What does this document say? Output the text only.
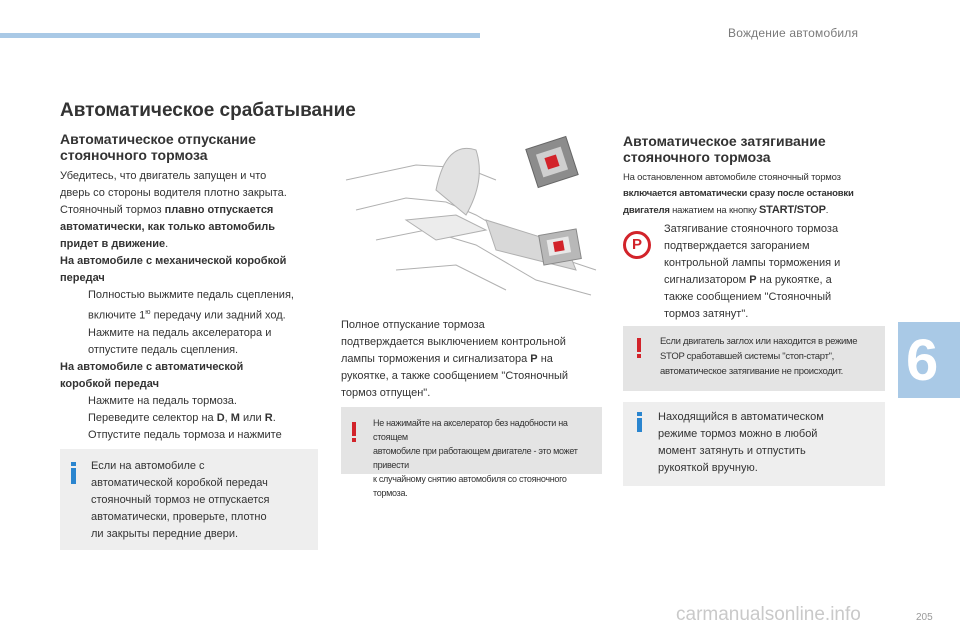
Вождение автомобиля
6
Автоматическое срабатывание
Автоматическое отпускание
стояночного тормоза

Убедитесь, что двигатель запущен и что

дверь со стороны водителя плотно закрыта.

Стояночный тормоз плавно отпускается

автоматически, как только автомобиль

придет в движение.

На автомобиле с механической коробкой

передач

Полностью выжмите педаль сцепления,
включите $1^ю$ передачу или задний ход.
Нажмите на педаль акселератора и
отпустите педаль сцепления.

На автомобиле с автоматической

коробкой передач

Нажмите на педаль тормоза.
Переведите селектор на D, M или R.
Отпустите педаль тормоза и нажмите

Если на автомобиле с
автоматической коробкой передач
стояночный тормоз не отпускается
автоматически, проверьте, плотно
ли закрыты передние двери.

Полное отпускание тормоза

подтверждается выключением контрольной

лампы торможения и сигнализатора P на

рукоятке, а также сообщением "Стояночный

тормоз отпущен".

Не нажимайте на акселератор без надобности на стоящем
автомобиле при работающем двигателе - это может привести
к случайному снятию автомобиля со стояночного тормоза.
Автоматическое затягивание
стояночного тормоза
На остановленном автомобиле стояночный тормоз
включается автоматически сразу после остановки
двигателя нажатием на кнопку START/STOP.
P

Затягивание стояночного тормоза

подтверждается загоранием

контрольной лампы торможения и

сигнализатором P на рукоятке, а

также сообщением "Стояночный

тормоз затянут".

Если двигатель заглох или находится в режиме
STOP сработавшей системы "стоп-старт",
автоматическое затягивание не происходит.
Находящийся в автоматическом
режиме тормоз можно в любой
момент затянуть и отпустить
рукояткой вручную.
carmanualsonline.info	205
